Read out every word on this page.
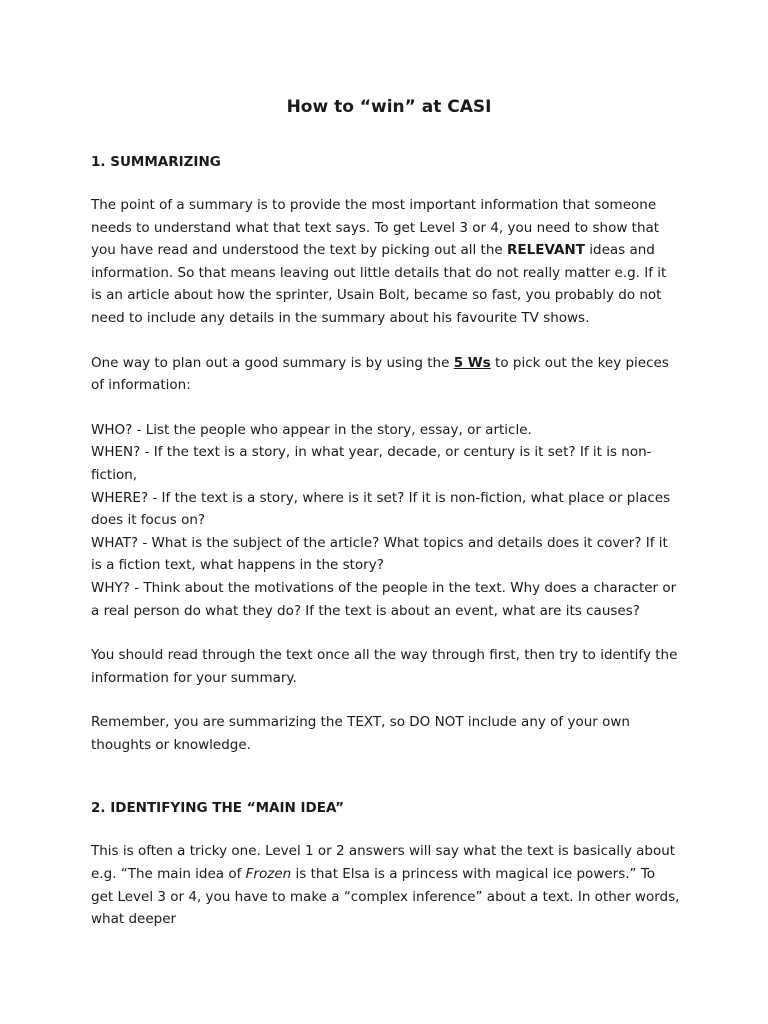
How to “win” at CASI
1. SUMMARIZING

The point of a summary is to provide the most important information that someone needs to understand what that text says. To get Level 3 or 4, you need to show that you have read and understood the text by picking out all the RELEVANT ideas and information. So that means leaving out little details that do not really matter e.g. If it is an article about how the sprinter, Usain Bolt, became so fast, you probably do not need to include any details in the summary about his favourite TV shows.

One way to plan out a good summary is by using the 5 Ws to pick out the key pieces of information:

WHO? - List the people who appear in the story, essay, or article.
WHEN? - If the text is a story, in what year, decade, or century is it set? If it is non-fiction,
WHERE? - If the text is a story, where is it set? If it is non-fiction, what place or places does it focus on?
WHAT? - What is the subject of the article? What topics and details does it cover? If it is a fiction text, what happens in the story?
WHY? - Think about the motivations of the people in the text. Why does a character or a real person do what they do? If the text is about an event, what are its causes?

You should read through the text once all the way through first, then try to identify the information for your summary.

Remember, you are summarizing the TEXT, so DO NOT include any of your own thoughts or knowledge.

2. IDENTIFYING THE “MAIN IDEA”

This is often a tricky one. Level 1 or 2 answers will say what the text is basically about e.g. “The main idea of Frozen is that Elsa is a princess with magical ice powers.” To get Level 3 or 4, you have to make a “complex inference” about a text. In other words, what deeper
